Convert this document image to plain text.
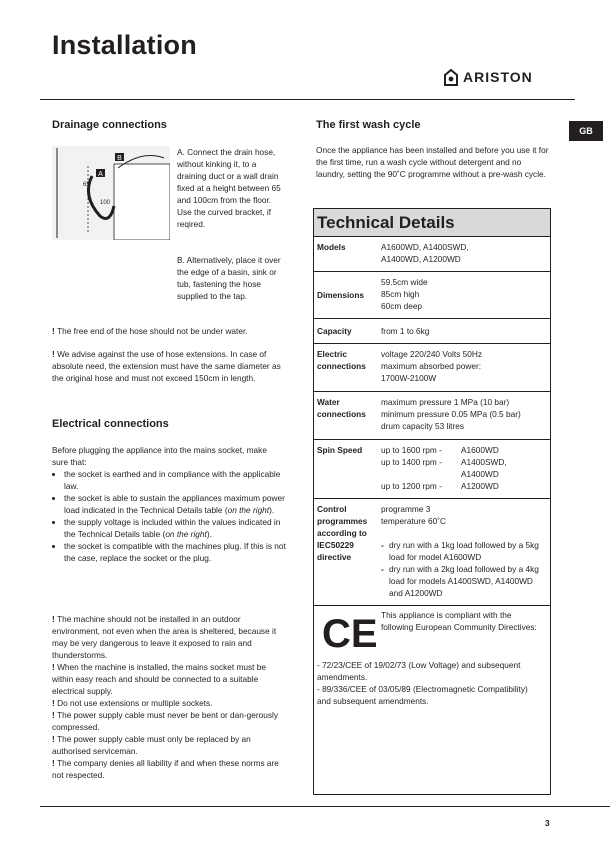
Installation
ARISTON
GB
Drainage connections
A
B
65
100
A. Connect the drain hose, without kinking it, to a draining duct or a wall drain fixed at a height between 65 and 100cm from the floor. Use the curved bracket, if reqired.
B. Alternatively, place it over the edge of a basin, sink or tub, fastening the hose supplied to the tap.
! The free end of the hose should not be under water.
! We advise against the use of hose extensions. In case of absolute need, the extension must have the same diameter as the original hose and must not exceed 150cm in length.
Electrical connections
Before plugging the appliance into the mains socket, make sure that:
• the socket is earthed and in compliance with the applicable law.
• the socket is able to sustain the appliances maximum power load indicated in the Technical Details table (on the right).
• the supply voltage is included within the values indicated in the Technical Details table (on the right).
• the socket is compatible with the machines plug. If this is not the case, replace the socket or the plug.
! The machine should not be installed in an outdoor environment, not even when the area is sheltered, because it may be very dangerous to leave it exposed to rain and thunderstorms.
! When the machine is installed, the mains socket must be within easy reach and should be connected to a suitable electrical supply.
! Do not use extensions or multiple sockets.
! The power supply cable must never be bent or dan-gerously compressed.
! The power supply cable must only be replaced by an authorised serviceman.
! The company denies all liability if and when these norms are not respected.
The first wash cycle
Once the appliance has been installed and before you use it for the first time, run a wash cycle without detergent and no laundry, setting the 90˚C programme without a pre-wash cycle.
Technical Details
Models	A1600WD, A1400SWD,
A1400WD, A1200WD
Dimensions
59.5cm wide
85cm high
60cm deep
Capacity	from 1 to 6kg
Electric
connections
voltage 220/240 Volts 50Hz
maximum absorbed power:
1700W-2100W
Water
connections
maximum pressure 1 MPa (10 bar)
minimum pressure 0.05 MPa (0.5 bar)
drum capacity 53 litres
Spin Speed up to 1600 rpm - A1600WD
up to 1400 rpm - A1400SWD,
A1400WD
up to 1200 rpm - A1200WD
Control
programmes
according to
IEC50229
directive
programme 3
temperature 60˚C
- dry run with a 1kg load followed by a 5kg load for model A1600WD
- dry run with a 2kg load followed by a 4kg load for models A1400SWD, A1400WD and A1200WD
CE This appliance is compliant with the following European Community Directives:
- 72/23/CEE of 19/02/73 (Low Voltage) and subsequent amendments.
- 89/336/CEE of 03/05/89 (Electromagnetic Compatibility) and subsequent amendments.
3
